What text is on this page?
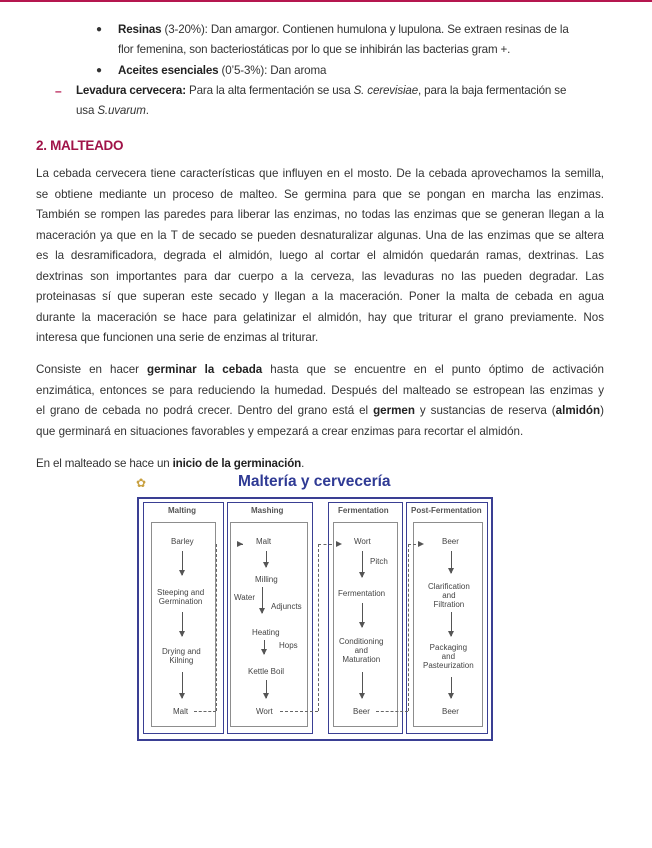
● Resinas (3-20%): Dan amargor. Contienen humulona y lupulona. Se extraen resinas de la
flor femenina, son bacteriostáticas por lo que se inhibirán las bacterias gram +.
● Aceites esenciales (0’5-3%): Dan aroma
– Levadura cervecera: Para la alta fermentación se usa S. cerevisiae, para la baja fermentación se
usa S.uvarum.
2. MALTEADO
La cebada cervecera tiene características que influyen en el mosto. De la cebada aprovechamos la semilla,
se obtiene mediante un proceso de malteo. Se germina para que se pongan en marcha las enzimas.
También se rompen las paredes para liberar las enzimas, no todas las enzimas que se generan llegan a la
maceración ya que en la T de secado se pueden desnaturalizar algunas. Una de las enzimas que se altera
es la desramificadora, degrada el almidón, luego al cortar el almidón quedarán ramas, dextrinas. Las
dextrinas son importantes para dar cuerpo a la cerveza, las levaduras no las pueden degradar. Las
proteinasas sí que superan este secado y llegan a la maceración. Poner la malta de cebada en agua
durante la maceración se hace para gelatinizar el almidón, hay que triturar el grano previamente. Nos
interesa que funcionen una serie de enzimas al triturar.
Consiste en hacer germinar la cebada hasta que se encuentre en el punto óptimo de activación
enzimática, entonces se para reduciendo la humedad. Después del malteado se estropean las enzimas y
el grano de cebada no podrá crecer. Dentro del grano está el germen y sustancias de reserva (almidón)
que germinará en situaciones favorables y empezará a crear enzimas para recortar el almidón.
En el malteado se hace un inicio de la germinación.
✿	Maltería y cervecería
Malting	Mashing	Fermentation	Post-Fermentation
Barley
Steeping and
Germination
Drying and
Kilning
Malt
Malt
Milling
Water
Adjuncts
Heating
Hops
Kettle Boil
Wort
Wort
Pitch
Fermentation
Conditioning
and
Maturation
Beer
Beer
Clarification
and
Filtration
Packaging
and
Pasteurization
Beer
